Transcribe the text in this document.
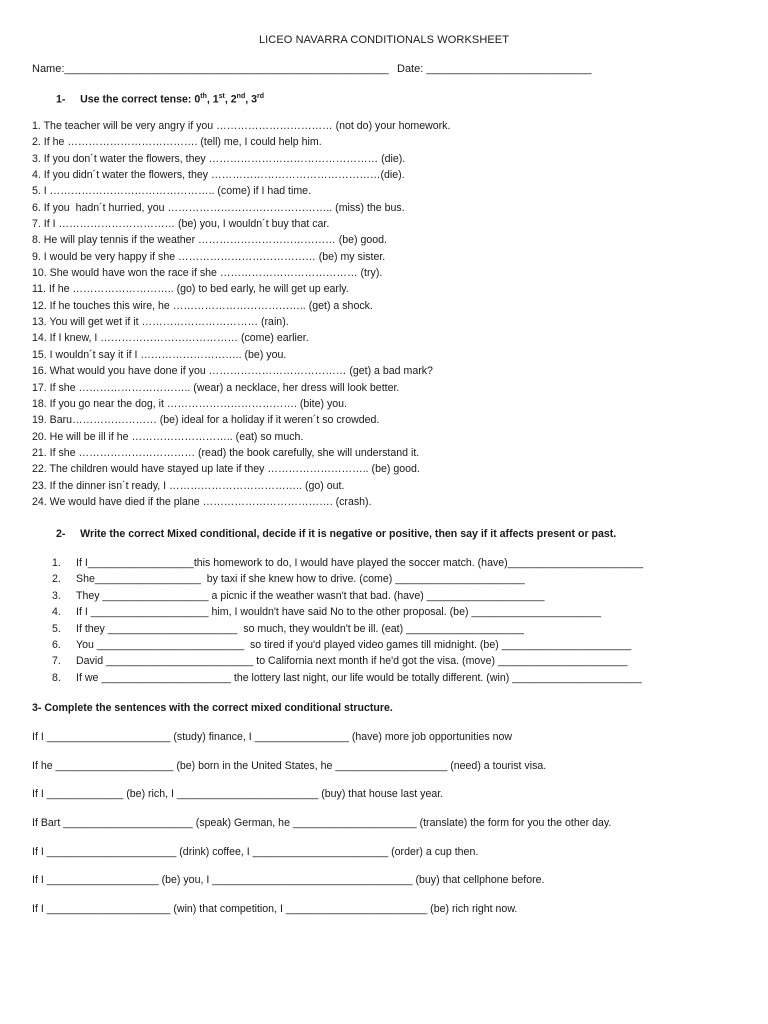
LICEO NAVARRA CONDITIONALS WORKSHEET
Name:_____________________________________________________ Date: ___________________________
1- Use the correct tense: 0th, 1st, 2nd, 3rd
1. The teacher will be very angry if you …………………………… (not do) your homework.
2. If he ………………………………. (tell) me, I could help him.
3. If you don´t water the flowers, they ………………………………………… (die).
4. If you didn´t water the flowers, they …………………………………………(die).
5. I ……………………………………….. (come) if I had time.
6. If you  hadn´t hurried, you ……………………………………….. (miss) the bus.
7. If I …………………………… (be) you, I wouldn´t buy that car.
8. He will play tennis if the weather ………………………………… (be) good.
9. I would be very happy if she ………………………………… (be) my sister.
10. She would have won the race if she ………………………………… (try).
11. If he ……………………….. (go) to bed early, he will get up early.
12. If he touches this wire, he ……………………………….. (get) a shock.
13. You will get wet if it …………………………… (rain).
14. If I knew, I ………………………………… (come) earlier.
15. I wouldn´t say it if I ……………………….. (be) you.
16. What would you have done if you ………………………………… (get) a bad mark?
17. If she ………………………….. (wear) a necklace, her dress will look better.
18. If you go near the dog, it ………………………………. (bite) you.
19. Baru…………………… (be) ideal for a holiday if it weren´t so crowded.
20. He will be ill if he ……………………….. (eat) so much.
21. If she …………………………… (read) the book carefully, she will understand it.
22. The children would have stayed up late if they ……………………….. (be) good.
23. If the dinner isn´t ready, I ……………………………….. (go) out.
24. We would have died if the plane ………………………………. (crash).
2- Write the correct Mixed conditional, decide if it is negative or positive, then say if it affects present or past.
1. If I__________________this homework to do, I would have played the soccer match. (have)_______________________
2. She__________________  by taxi if she knew how to drive. (come) ______________________
3. They __________________ a picnic if the weather wasn't that bad. (have) ____________________
4. If I ____________________ him, I wouldn't have said No to the other proposal. (be) ______________________
5. If they ______________________  so much, they wouldn't be ill. (eat) ____________________
6. You _________________________  so tired if you'd played video games till midnight. (be) ______________________
7. David _________________________ to California next month if he'd got the visa. (move) ______________________
8. If we ______________________ the lottery last night, our life would be totally different. (win) ______________________
3- Complete the sentences with the correct mixed conditional structure.
If I _____________________ (study) finance, I ________________ (have) more job opportunities now
If he ____________________ (be) born in the United States, he ___________________ (need) a tourist visa.
If I _____________ (be) rich, I ________________________ (buy) that house last year.
If Bart ______________________ (speak) German, he _____________________ (translate) the form for you the other day.
If I ______________________ (drink) coffee, I _______________________ (order) a cup then.
If I ___________________ (be) you, I __________________________________ (buy) that cellphone before.
If I _____________________ (win) that competition, I ________________________ (be) rich right now.
